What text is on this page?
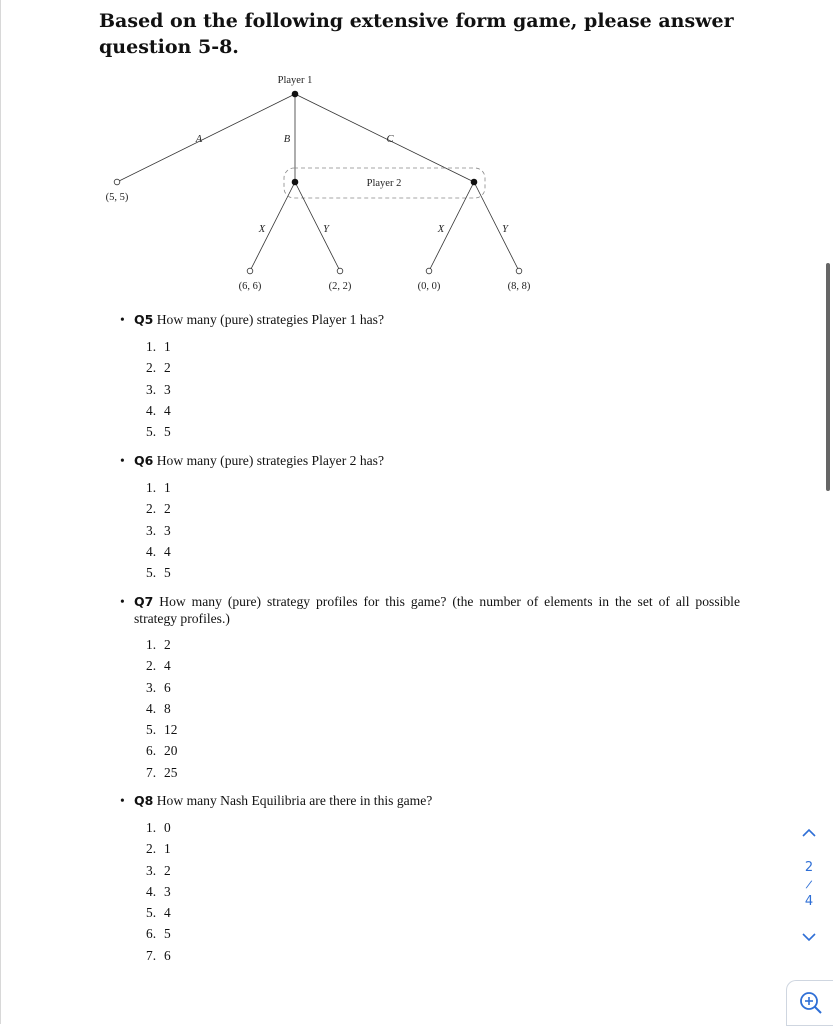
Based on the following extensive form game, please answer question 5-8.
Player 1
Player 2
A	B	C
X	Y	X	Y
(5, 5)
(6, 6)	(2, 2)	(0, 0)	(8, 8)
• Q5 How many (pure) strategies Player 1 has?
1. 1
2. 2
3. 3
4. 4
5. 5
• Q6 How many (pure) strategies Player 2 has?
1. 1
2. 2
3. 3
4. 4
5. 5
• Q7 How many (pure) strategy profiles for this game? (the number of elements in the set of all possible strategy profiles.)
1. 2
2. 4
3. 6
4. 8
5. 12
6. 20
7. 25
• Q8 How many Nash Equilibria are there in this game?
1. 0
2. 1
3. 2
4. 3
5. 4
6. 5
7. 6
2
/
4
